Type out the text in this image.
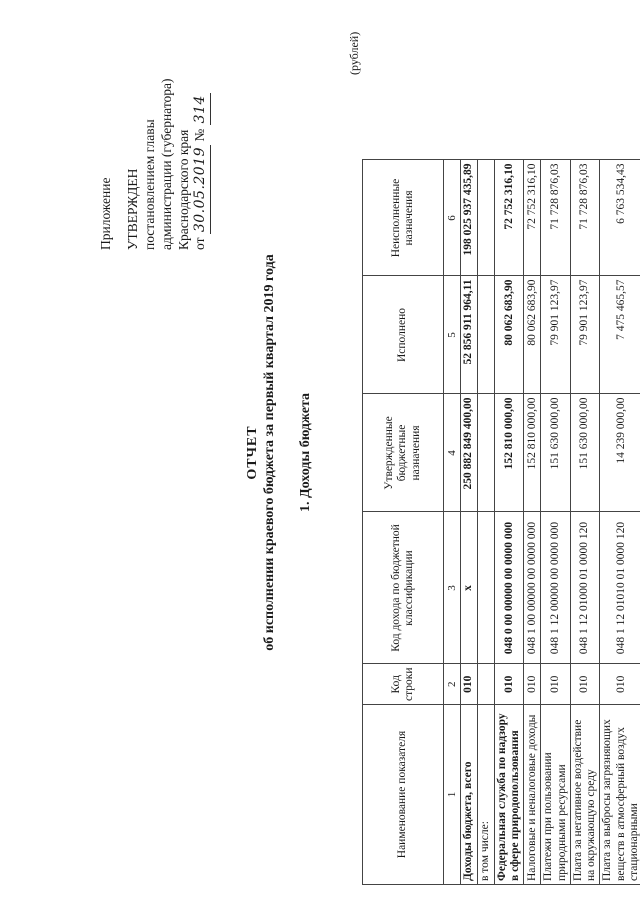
Приложение УТВЕРЖДЕН постановлением главы администрации (губернатора) Краснодарского края от 30.05.2019 № 314
ОТЧЕТ об исполнении краевого бюджета за первый квартал 2019 года 1. Доходы бюджета
(рублей)
Наименование показателя	Код строки	Код дохода по бюджетной классификации	Утвержденные бюджетные назначения	Исполнено	Неисполненные назначения
1	2	3	4	5	6
Доходы бюджета, всего	010	x	250 882 849 400,00	52 856 911 964,11	198 025 937 435,89
в том числе:					
Федеральная служба по надзору в сфере природопользования	010	048 0 00 00000 00 0000 000	152 810 000,00	80 062 683,90	72 752 316,10
Налоговые и неналоговые доходы	010	048 1 00 00000 00 0000 000	152 810 000,00	80 062 683,90	72 752 316,10
Платежи при пользовании природными ресурсами	010	048 1 12 00000 00 0000 000	151 630 000,00	79 901 123,97	71 728 876,03
Плата за негативное воздействие на окружающую среду	010	048 1 12 01000 01 0000 120	151 630 000,00	79 901 123,97	71 728 876,03
Плата за выбросы загрязняющих веществ в атмосферный воздух стационарными	010	048 1 12 01010 01 0000 120	14 239 000,00	7 475 465,57	6 763 534,43
